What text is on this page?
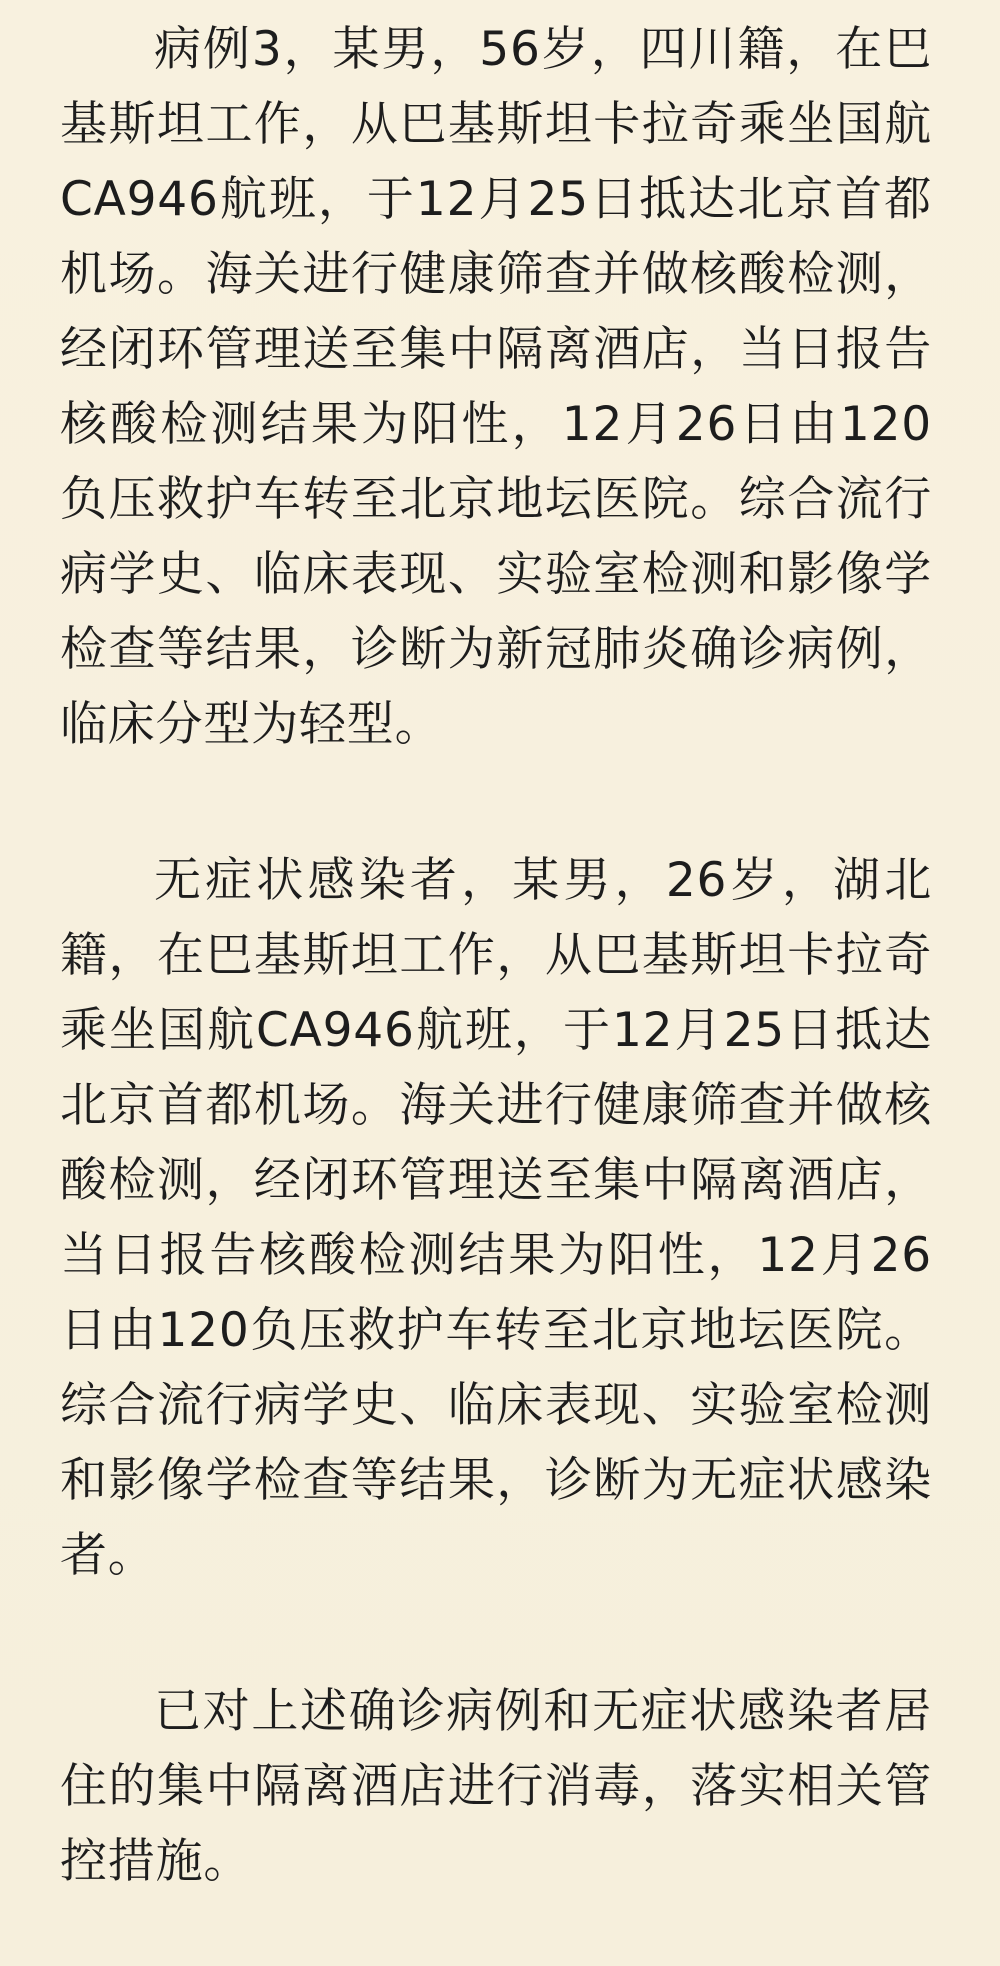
病例3，某男，56岁，四川籍，在巴基斯坦工作，从巴基斯坦卡拉奇乘坐国航CA946航班，于12月25日抵达北京首都机场。海关进行健康筛查并做核酸检测，经闭环管理送至集中隔离酒店，当日报告核酸检测结果为阳性，12月26日由120负压救护车转至北京地坛医院。综合流行病学史、临床表现、实验室检测和影像学检查等结果，诊断为新冠肺炎确诊病例，临床分型为轻型。

无症状感染者，某男，26岁，湖北籍，在巴基斯坦工作，从巴基斯坦卡拉奇乘坐国航CA946航班，于12月25日抵达北京首都机场。海关进行健康筛查并做核酸检测，经闭环管理送至集中隔离酒店，当日报告核酸检测结果为阳性，12月26日由120负压救护车转至北京地坛医院。综合流行病学史、临床表现、实验室检测和影像学检查等结果，诊断为无症状感染者。

已对上述确诊病例和无症状感染者居住的集中隔离酒店进行消毒，落实相关管控措施。
